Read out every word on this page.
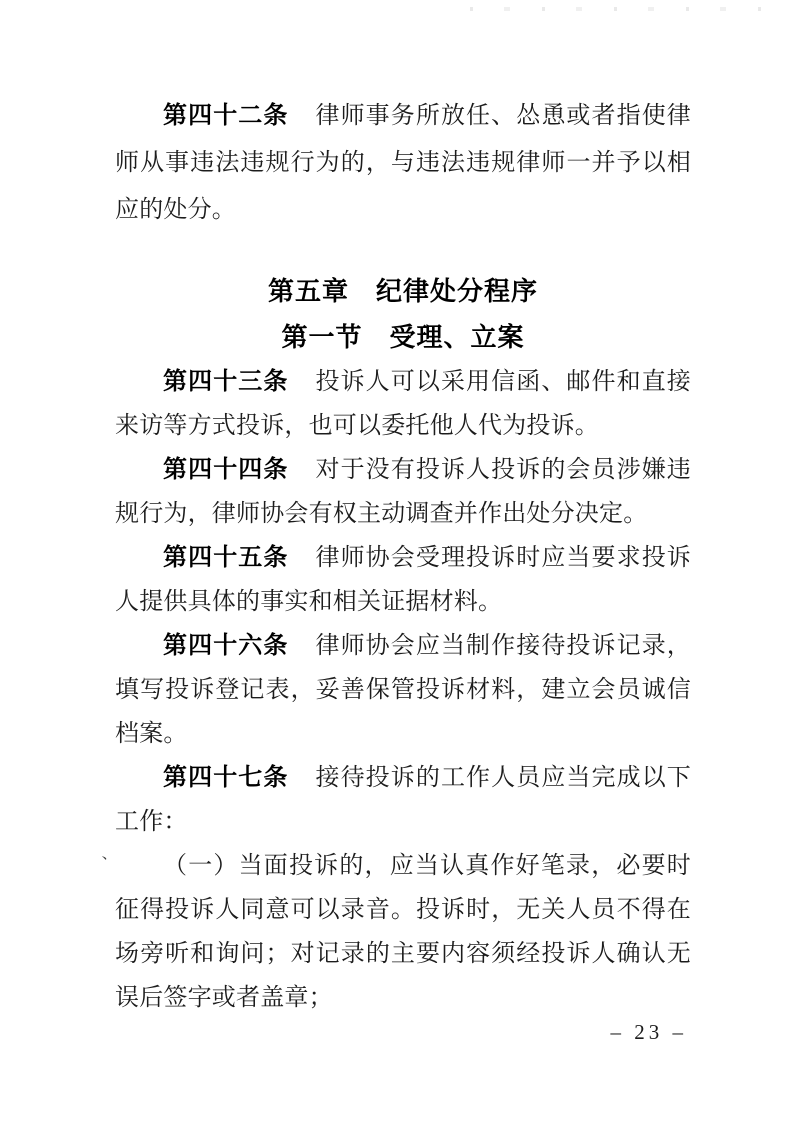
第四十二条 律师事务所放任、怂恿或者指使律师从事违法违规行为的，与违法违规律师一并予以相应的处分。

第五章　纪律处分程序
第一节　受理、立案

第四十三条 投诉人可以采用信函、邮件和直接来访等方式投诉，也可以委托他人代为投诉。

第四十四条 对于没有投诉人投诉的会员涉嫌违规行为，律师协会有权主动调查并作出处分决定。

第四十五条 律师协会受理投诉时应当要求投诉人提供具体的事实和相关证据材料。

第四十六条 律师协会应当制作接待投诉记录，填写投诉登记表，妥善保管投诉材料，建立会员诚信档案。

第四十七条 接待投诉的工作人员应当完成以下工作：

（一）当面投诉的，应当认真作好笔录，必要时征得投诉人同意可以录音。投诉时，无关人员不得在场旁听和询问；对记录的主要内容须经投诉人确认无误后签字或者盖章；

、
– 23 –
